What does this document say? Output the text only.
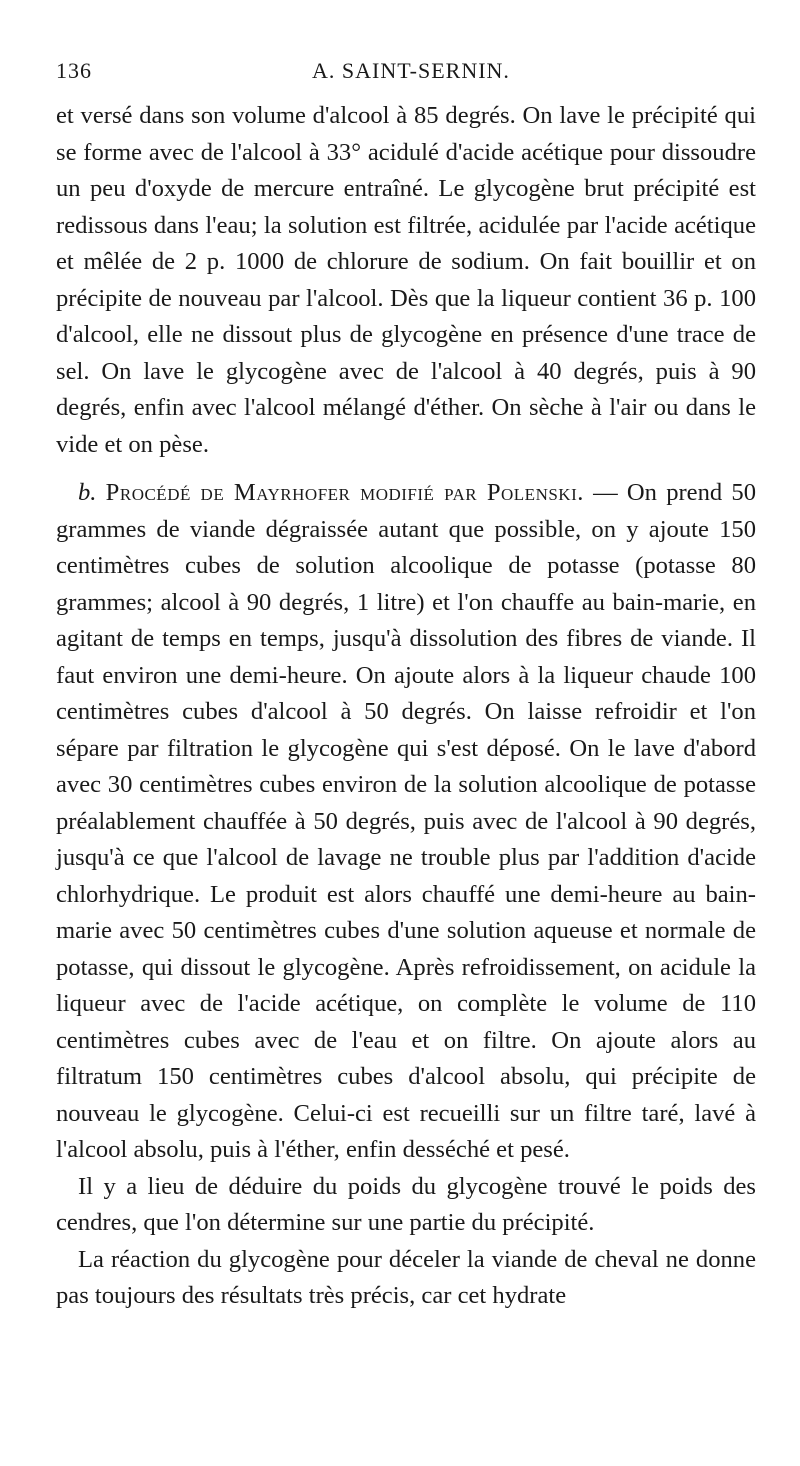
136	A. SAINT-SERNIN.

et versé dans son volume d'alcool à 85 degrés. On lave le précipité qui se forme avec de l'alcool à 33° acidulé d'acide acétique pour dissoudre un peu d'oxyde de mercure entraîné. Le glycogène brut précipité est redissous dans l'eau; la solution est filtrée, acidulée par l'acide acétique et mêlée de 2 p. 1000 de chlorure de sodium. On fait bouillir et on précipite de nouveau par l'alcool. Dès que la liqueur contient 36 p. 100 d'alcool, elle ne dissout plus de glycogène en présence d'une trace de sel. On lave le glycogène avec de l'alcool à 40 degrés, puis à 90 degrés, enfin avec l'alcool mélangé d'éther. On sèche à l'air ou dans le vide et on pèse.

b. Procédé de Mayrhofer modifié par Polenski. — On prend 50 grammes de viande dégraissée autant que possible, on y ajoute 150 centimètres cubes de solution alcoolique de potasse (potasse 80 grammes; alcool à 90 degrés, 1 litre) et l'on chauffe au bain-marie, en agitant de temps en temps, jusqu'à dissolution des fibres de viande. Il faut environ une demi-heure. On ajoute alors à la liqueur chaude 100 centimètres cubes d'alcool à 50 degrés. On laisse refroidir et l'on sépare par filtration le glycogène qui s'est déposé. On le lave d'abord avec 30 centimètres cubes environ de la solution alcoolique de potasse préalablement chauffée à 50 degrés, puis avec de l'alcool à 90 degrés, jusqu'à ce que l'alcool de lavage ne trouble plus par l'addition d'acide chlorhydrique. Le produit est alors chauffé une demi-heure au bain-marie avec 50 centimètres cubes d'une solution aqueuse et normale de potasse, qui dissout le glycogène. Après refroidissement, on acidule la liqueur avec de l'acide acétique, on complète le volume de 110 centimètres cubes avec de l'eau et on filtre. On ajoute alors au filtratum 150 centimètres cubes d'alcool absolu, qui précipite de nouveau le glycogène. Celui-ci est recueilli sur un filtre taré, lavé à l'alcool absolu, puis à l'éther, enfin desséché et pesé.

Il y a lieu de déduire du poids du glycogène trouvé le poids des cendres, que l'on détermine sur une partie du précipité.

La réaction du glycogène pour déceler la viande de cheval ne donne pas toujours des résultats très précis, car cet hydrate
